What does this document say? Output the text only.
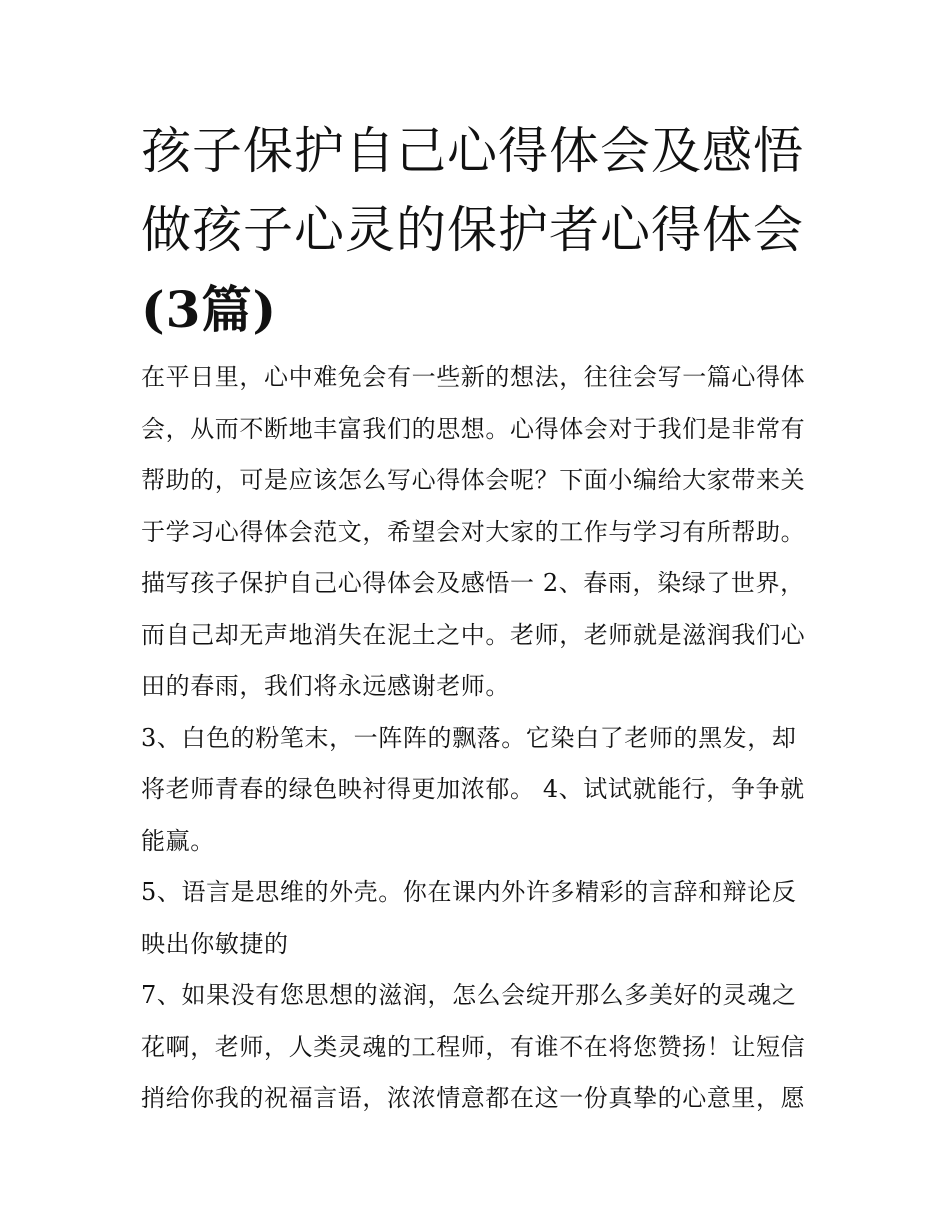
孩子保护自己心得体会及感悟
做孩子心灵的保护者心得体会
(3篇)

在平日里，心中难免会有一些新的想法，往往会写一篇心得体
会，从而不断地丰富我们的思想。心得体会对于我们是非常有
帮助的，可是应该怎么写心得体会呢？下面小编给大家带来关
于学习心得体会范文，希望会对大家的工作与学习有所帮助。
描写孩子保护自己心得体会及感悟一 2、春雨，染绿了世界，
而自己却无声地消失在泥土之中。老师，老师就是滋润我们心
田的春雨，我们将永远感谢老师。

3、白色的粉笔末，一阵阵的飘落。它染白了老师的黑发，却
将老师青春的绿色映衬得更加浓郁。 4、试试就能行，争争就
能赢。

5、语言是思维的外壳。你在课内外许多精彩的言辞和辩论反
映出你敏捷的

7、如果没有您思想的滋润，怎么会绽开那么多美好的灵魂之
花啊，老师，人类灵魂的工程师，有谁不在将您赞扬！让短信
捎给你我的祝福言语，浓浓情意都在这一份真挚的心意里，愿
